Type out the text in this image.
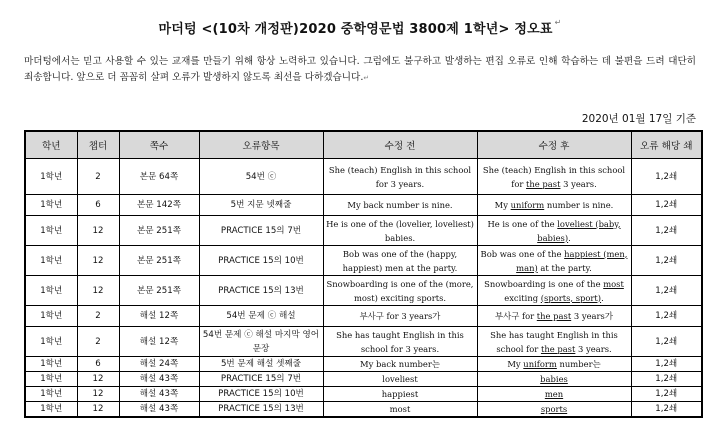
마더텅 <(10차 개정판)2020 중학영문법 3800제 1학년> 정오표 ↵
마더텅에서는 믿고 사용할 수 있는 교재를 만들기 위해 항상 노력하고 있습니다. 그럼에도 불구하고 발생하는 편집 오류로 인해 학습하는 데 불편을 드려 대단히 죄송합니다. 앞으로 더 꼼꼼히 살펴 오류가 발생하지 않도록 최선을 다하겠습니다.↵
2020년 01월 17일 기준
학년	챕터	쪽수	오류항목	수정 전	수정 후	오류 해당 쇄
1학년	2	본문 64쪽	54번 ⓒ	She (teach) English in this school for 3 years.	She (teach) English in this school for the past 3 years.	1,2쇄
1학년	6	본문 142쪽	5번 지문 넷째줄	My back number is nine.	My uniform number is nine.	1,2쇄
1학년	12	본문 251쪽	PRACTICE 15의 7번	He is one of the (lovelier, loveliest) babies.	He is one of the loveliest (baby, babies).	1,2쇄
1학년	12	본문 251쪽	PRACTICE 15의 10번	Bob was one of the (happy, happiest) men at the party.	Bob was one of the happiest (men, man) at the party.	1,2쇄
1학년	12	본문 251쪽	PRACTICE 15의 13번	Snowboarding is one of the (more, most) exciting sports.	Snowboarding is one of the most exciting (sports, sport).	1,2쇄
1학년	2	해설 12쪽	54번 문제 ⓒ 해설	부사구 for 3 years가	부사구 for the past 3 years가	1,2쇄
1학년	2	해설 12쪽	54번 문제 ⓒ 해설 마지막 영어 문장	She has taught English in this school for 3 years.	She has taught English in this school for the past 3 years.	1,2쇄
1학년	6	해설 24쪽	5번 문제 해설 셋째줄	My back number는	My uniform number는	1,2쇄
1학년	12	해설 43쪽	PRACTICE 15의 7번	loveliest	babies	1,2쇄
1학년	12	해설 43쪽	PRACTICE 15의 10번	happiest	men	1,2쇄
1학년	12	해설 43쪽	PRACTICE 15의 13번	most	sports	1,2쇄
